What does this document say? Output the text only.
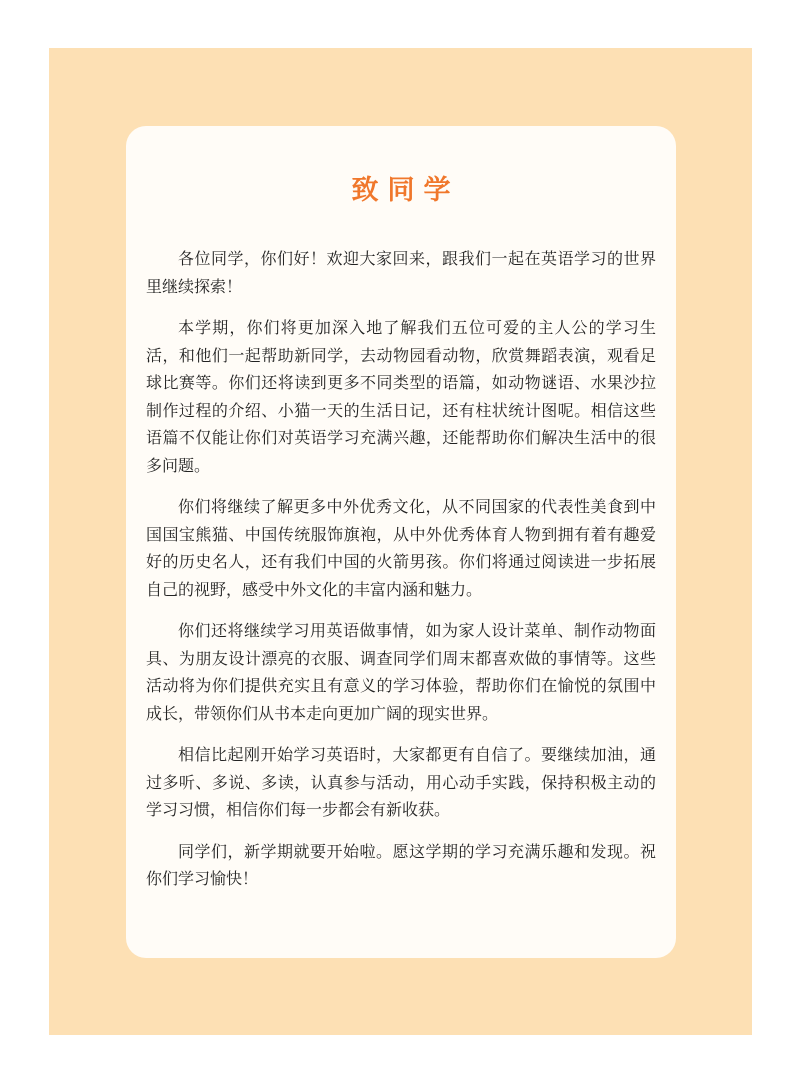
致同学

各位同学，你们好！欢迎大家回来，跟我们一起在英语学习的世界里继续探索！

本学期，你们将更加深入地了解我们五位可爱的主人公的学习生活，和他们一起帮助新同学，去动物园看动物，欣赏舞蹈表演，观看足球比赛等。你们还将读到更多不同类型的语篇，如动物谜语、水果沙拉制作过程的介绍、小猫一天的生活日记，还有柱状统计图呢。相信这些语篇不仅能让你们对英语学习充满兴趣，还能帮助你们解决生活中的很多问题。

你们将继续了解更多中外优秀文化，从不同国家的代表性美食到中国国宝熊猫、中国传统服饰旗袍，从中外优秀体育人物到拥有着有趣爱好的历史名人，还有我们中国的火箭男孩。你们将通过阅读进一步拓展自己的视野，感受中外文化的丰富内涵和魅力。

你们还将继续学习用英语做事情，如为家人设计菜单、制作动物面具、为朋友设计漂亮的衣服、调查同学们周末都喜欢做的事情等。这些活动将为你们提供充实且有意义的学习体验，帮助你们在愉悦的氛围中成长，带领你们从书本走向更加广阔的现实世界。

相信比起刚开始学习英语时，大家都更有自信了。要继续加油，通过多听、多说、多读，认真参与活动，用心动手实践，保持积极主动的学习习惯，相信你们每一步都会有新收获。

同学们，新学期就要开始啦。愿这学期的学习充满乐趣和发现。祝你们学习愉快！
